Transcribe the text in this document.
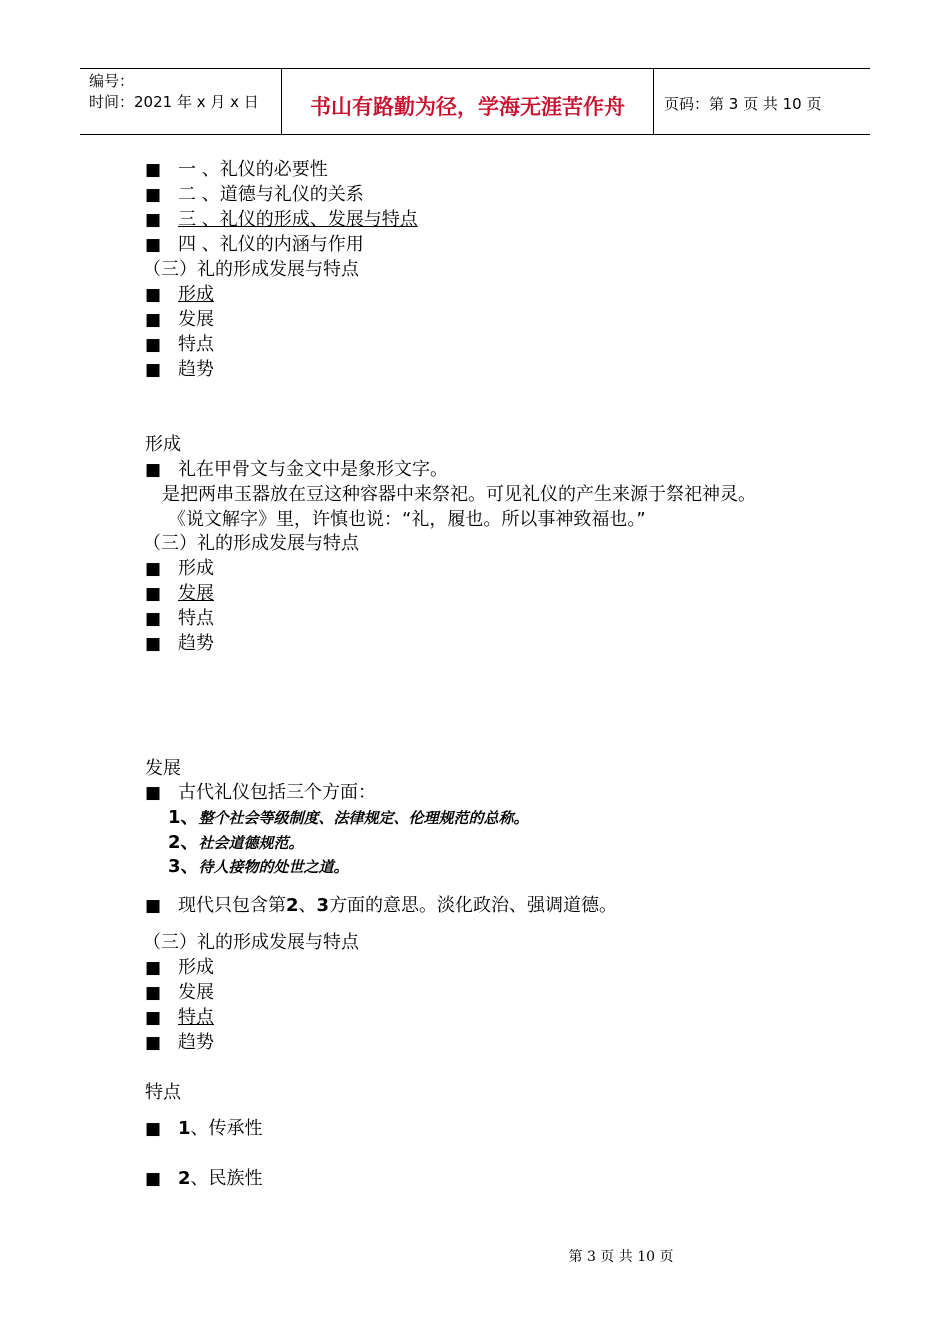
编号：
时间：2021 年 x 月 x 日	书山有路勤为径，学海无涯苦作舟	页码：第 3 页 共 10 页
■ 一 、礼仪的必要性
■ 二 、道德与礼仪的关系
■ 三 、礼仪的形成、发展与特点
■ 四 、礼仪的内涵与作用
（三）礼的形成发展与特点
■ 形成
■ 发展
■ 特点
■ 趋势
形成
■ 礼在甲骨文与金文中是象形文字。
是把两串玉器放在豆这种容器中来祭祀。可见礼仪的产生来源于祭祀神灵。
《说文解字》里，许慎也说：“礼，履也。所以事神致福也。”
（三）礼的形成发展与特点
■ 形成
■ 发展
■ 特点
■ 趋势
发展
■ 古代礼仪包括三个方面：
1、整个社会等级制度、法律规定、伦理规范的总称。
2、社会道德规范。
3、待人接物的处世之道。
■ 现代只包含第2、3方面的意思。淡化政治、强调道德。
（三）礼的形成发展与特点
■ 形成
■ 发展
■ 特点
■ 趋势
特点
■ 1、传承性
■ 2、民族性
第 3 页 共 10 页
